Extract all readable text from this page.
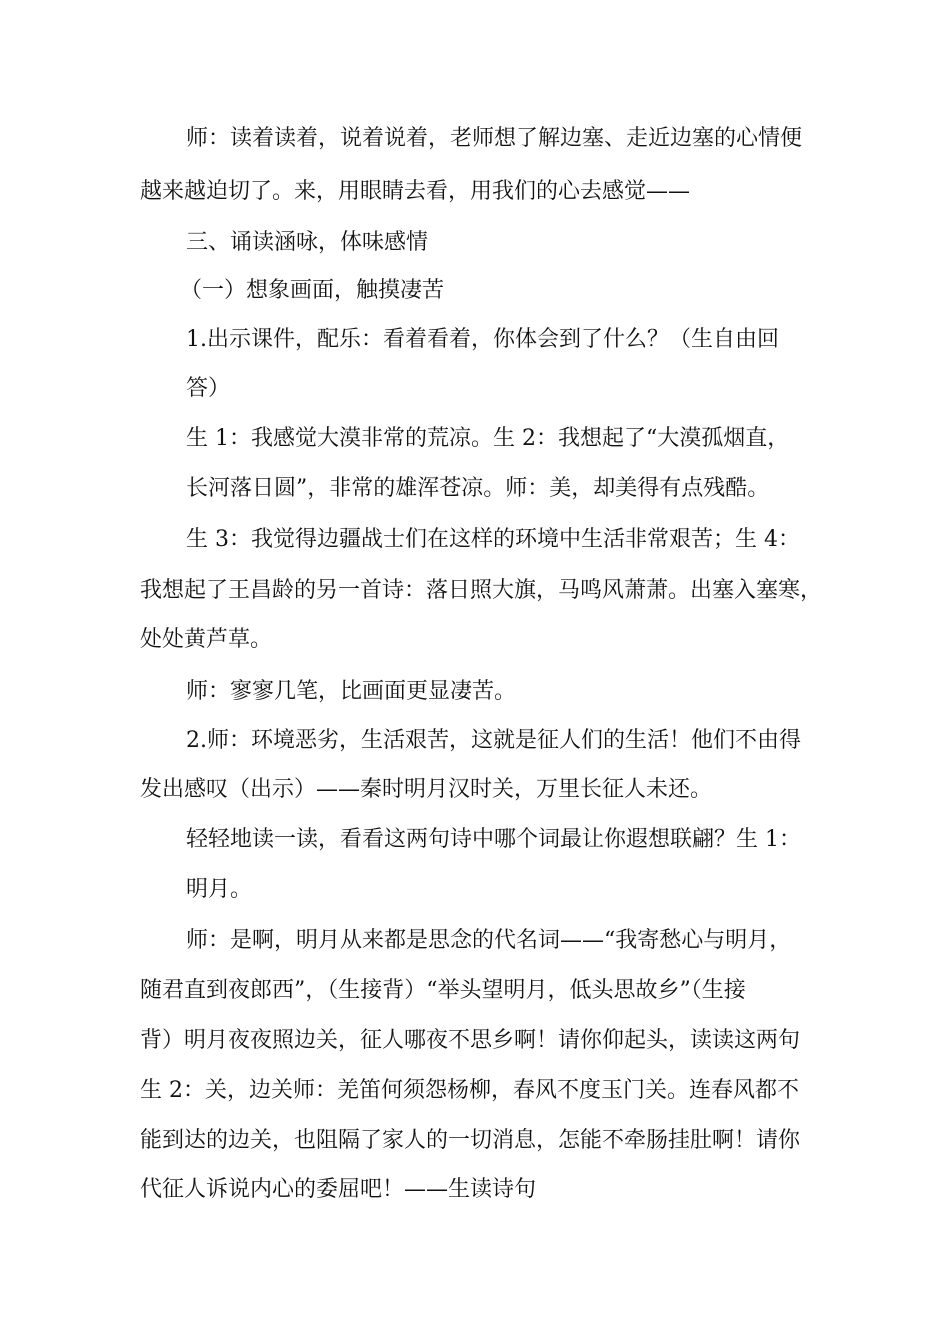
师：读着读着，说着说着，老师想了解边塞、走近边塞的心情便
越来越迫切了。来，用眼睛去看，用我们的心去感觉——
三、诵读涵咏，体味感情
（一）想象画面，触摸凄苦
1.出示课件，配乐：看着看着，你体会到了什么？（生自由回
答）
生 1：我感觉大漠非常的荒凉。生 2：我想起了“大漠孤烟直，
长河落日圆”，非常的雄浑苍凉。师：美，却美得有点残酷。
生 3：我觉得边疆战士们在这样的环境中生活非常艰苦；生 4：
我想起了王昌龄的另一首诗：落日照大旗，马鸣风萧萧。出塞入塞寒，
处处黄芦草。
师：寥寥几笔，比画面更显凄苦。
2.师：环境恶劣，生活艰苦，这就是征人们的生活！他们不由得
发出感叹（出示）——秦时明月汉时关，万里长征人未还。
轻轻地读一读，看看这两句诗中哪个词最让你遐想联翩？生 1：
明月。
师：是啊，明月从来都是思念的代名词——“我寄愁心与明月，
随君直到夜郎西”，（生接背）“举头望明月，低头思故乡”（生接
背）明月夜夜照边关，征人哪夜不思乡啊！请你仰起头，读读这两句
生 2：关，边关师：羌笛何须怨杨柳，春风不度玉门关。连春风都不
能到达的边关，也阻隔了家人的一切消息，怎能不牵肠挂肚啊！请你
代征人诉说内心的委屈吧！——生读诗句
